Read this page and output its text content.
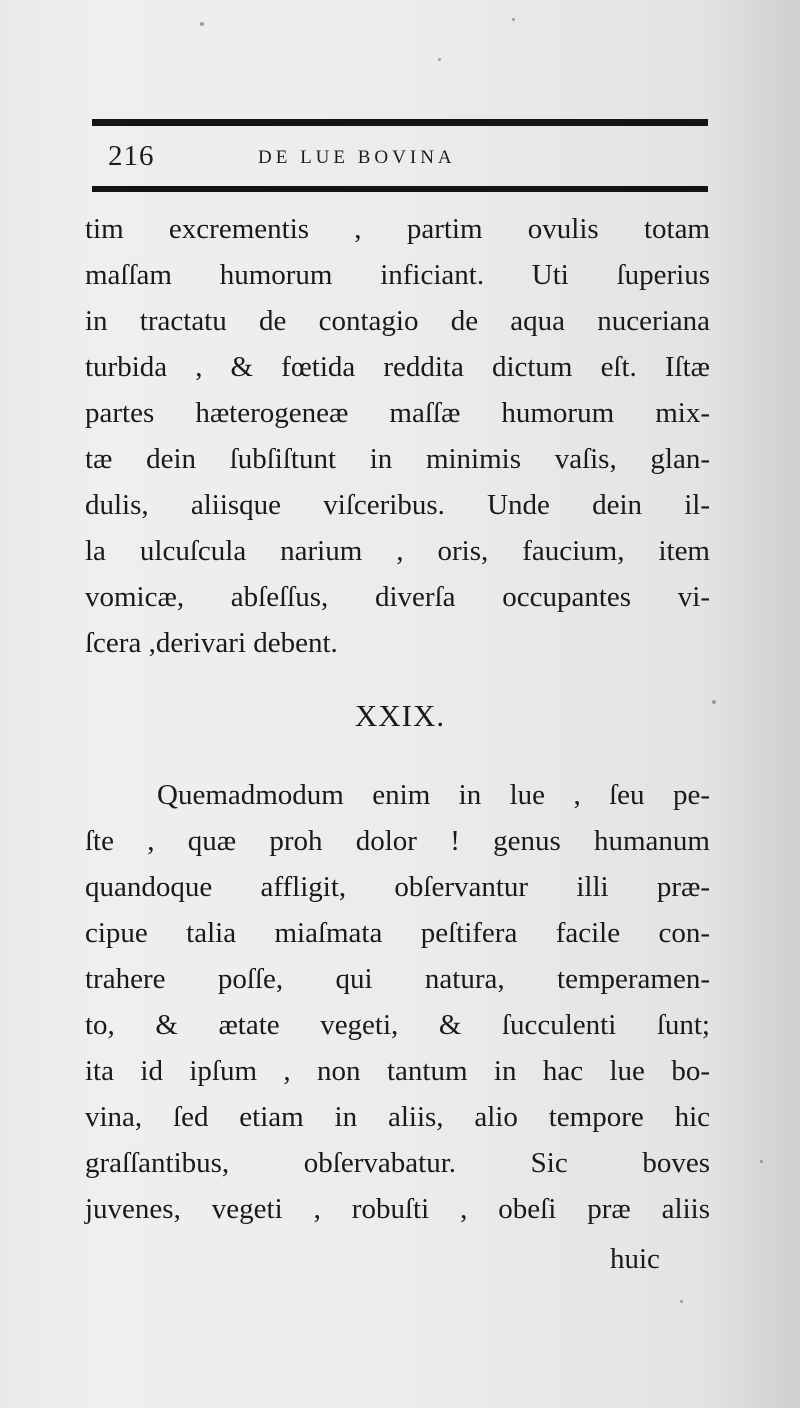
216	DE LUE BOVINA
tim excrementis , partim ovulis totam
maſſam humorum inficiant. Uti ſuperius
in tractatu de contagio de aqua nuceriana
turbida , & fœtida reddita dictum eſt. Iſtæ
partes hæterogeneæ maſſæ humorum mix-
tæ dein ſubſiſtunt in minimis vaſis, glan-
dulis, aliisque viſceribus. Unde dein il-
la ulcuſcula narium , oris, faucium, item
vomicæ, abſeſſus, diverſa occupantes vi-
ſcera ,derivari debent.
XXIX.
Quemadmodum enim in lue , ſeu pe-
ſte , quæ proh dolor ! genus humanum
quandoque affligit, obſervantur illi præ-
cipue talia miaſmata peſtifera facile con-
trahere poſſe, qui natura, temperamen-
to, & ætate vegeti, & ſucculenti ſunt;
ita id ipſum , non tantum in hac lue bo-
vina, ſed etiam in aliis, alio tempore hic
graſſantibus, obſervabatur. Sic boves
juvenes, vegeti , robuſti , obeſi præ aliis
huic
